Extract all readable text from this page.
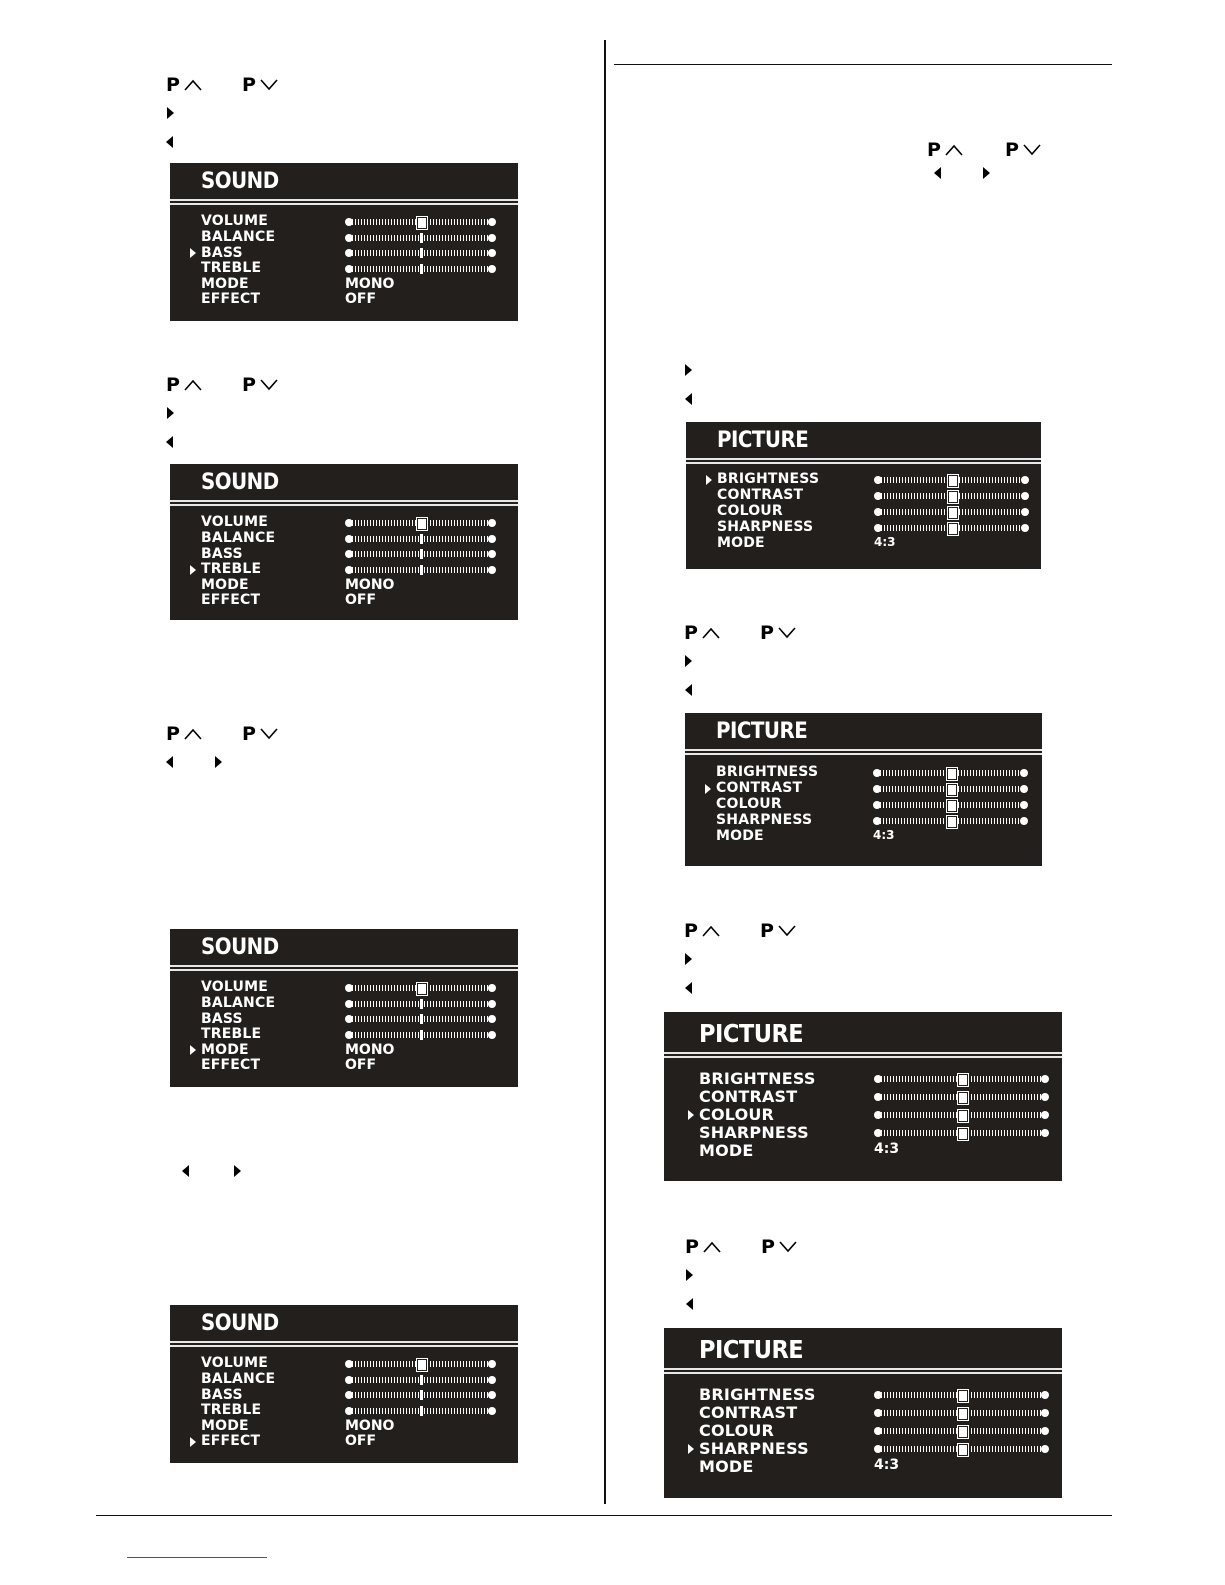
P	P
P	P
P	P
P	P
P	P
P	P
P	P
SOUND
VOLUME
BALANCE
BASS
TREBLE
MODE	MONO
EFFECT	OFF
SOUND
VOLUME
BALANCE
BASS
TREBLE
MODE	MONO
EFFECT	OFF
SOUND
VOLUME
BALANCE
BASS
TREBLE
MODE	MONO
EFFECT	OFF
SOUND
VOLUME
BALANCE
BASS
TREBLE
MODE	MONO
EFFECT	OFF
PICTURE
BRIGHTNESS
CONTRAST
COLOUR
SHARPNESS
MODE	4:3
PICTURE
BRIGHTNESS
CONTRAST
COLOUR
SHARPNESS
MODE	4:3
PICTURE
BRIGHTNESS
CONTRAST
COLOUR
SHARPNESS
MODE	4:3
PICTURE
BRIGHTNESS
CONTRAST
COLOUR
SHARPNESS
MODE	4:3
